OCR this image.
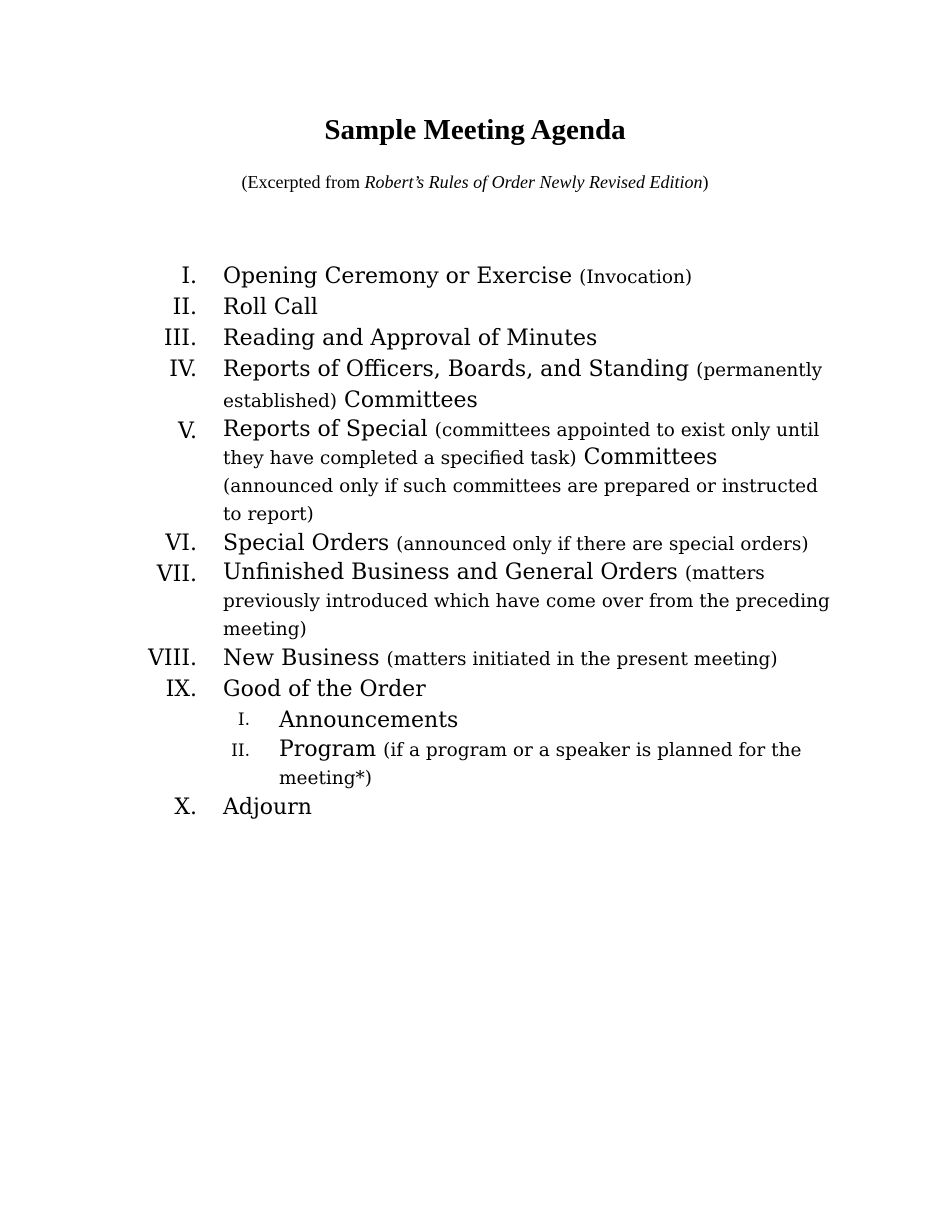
Sample Meeting Agenda
(Excerpted from Robert’s Rules of Order Newly Revised Edition)
I. Opening Ceremony or Exercise (Invocation)
II. Roll Call
III. Reading and Approval of Minutes
IV. Reports of Officers, Boards, and Standing (permanently established) Committees
V. Reports of Special (committees appointed to exist only until they have completed a specified task) Committees (announced only if such committees are prepared or instructed to report)
VI. Special Orders (announced only if there are special orders)
VII. Unfinished Business and General Orders (matters previously introduced which have come over from the preceding meeting)
VIII. New Business (matters initiated in the present meeting)
IX. Good of the Order
I. Announcements
II. Program (if a program or a speaker is planned for the meeting*)
X. Adjourn
